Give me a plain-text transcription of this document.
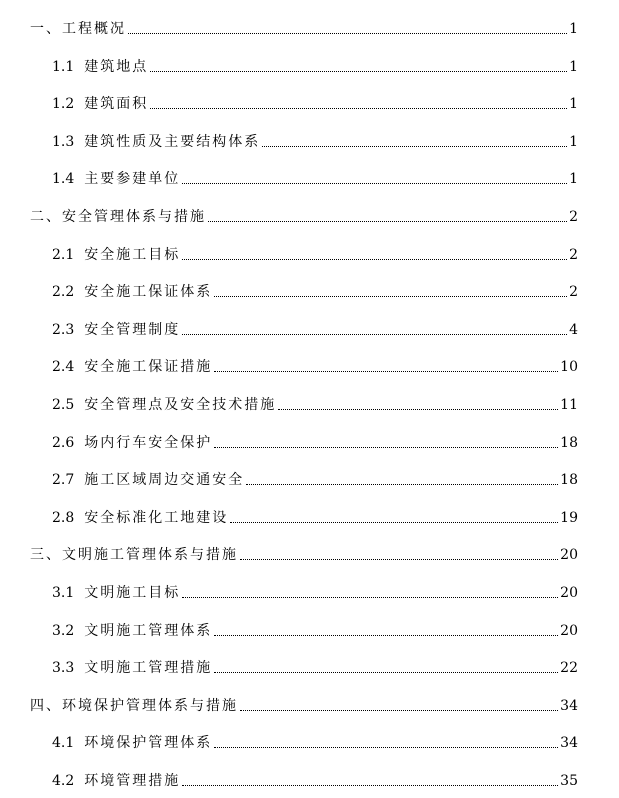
一、工程概况	1
1.1 建筑地点	1
1.2 建筑面积	1
1.3 建筑性质及主要结构体系	1
1.4 主要参建单位	1
二、安全管理体系与措施	2
2.1 安全施工目标	2
2.2 安全施工保证体系	2
2.3 安全管理制度	4
2.4 安全施工保证措施	10
2.5 安全管理点及安全技术措施	11
2.6 场内行车安全保护	18
2.7 施工区域周边交通安全	18
2.8 安全标准化工地建设	19
三、文明施工管理体系与措施	20
3.1 文明施工目标	20
3.2 文明施工管理体系	20
3.3 文明施工管理措施	22
四、环境保护管理体系与措施	34
4.1 环境保护管理体系	34
4.2 环境管理措施	35
